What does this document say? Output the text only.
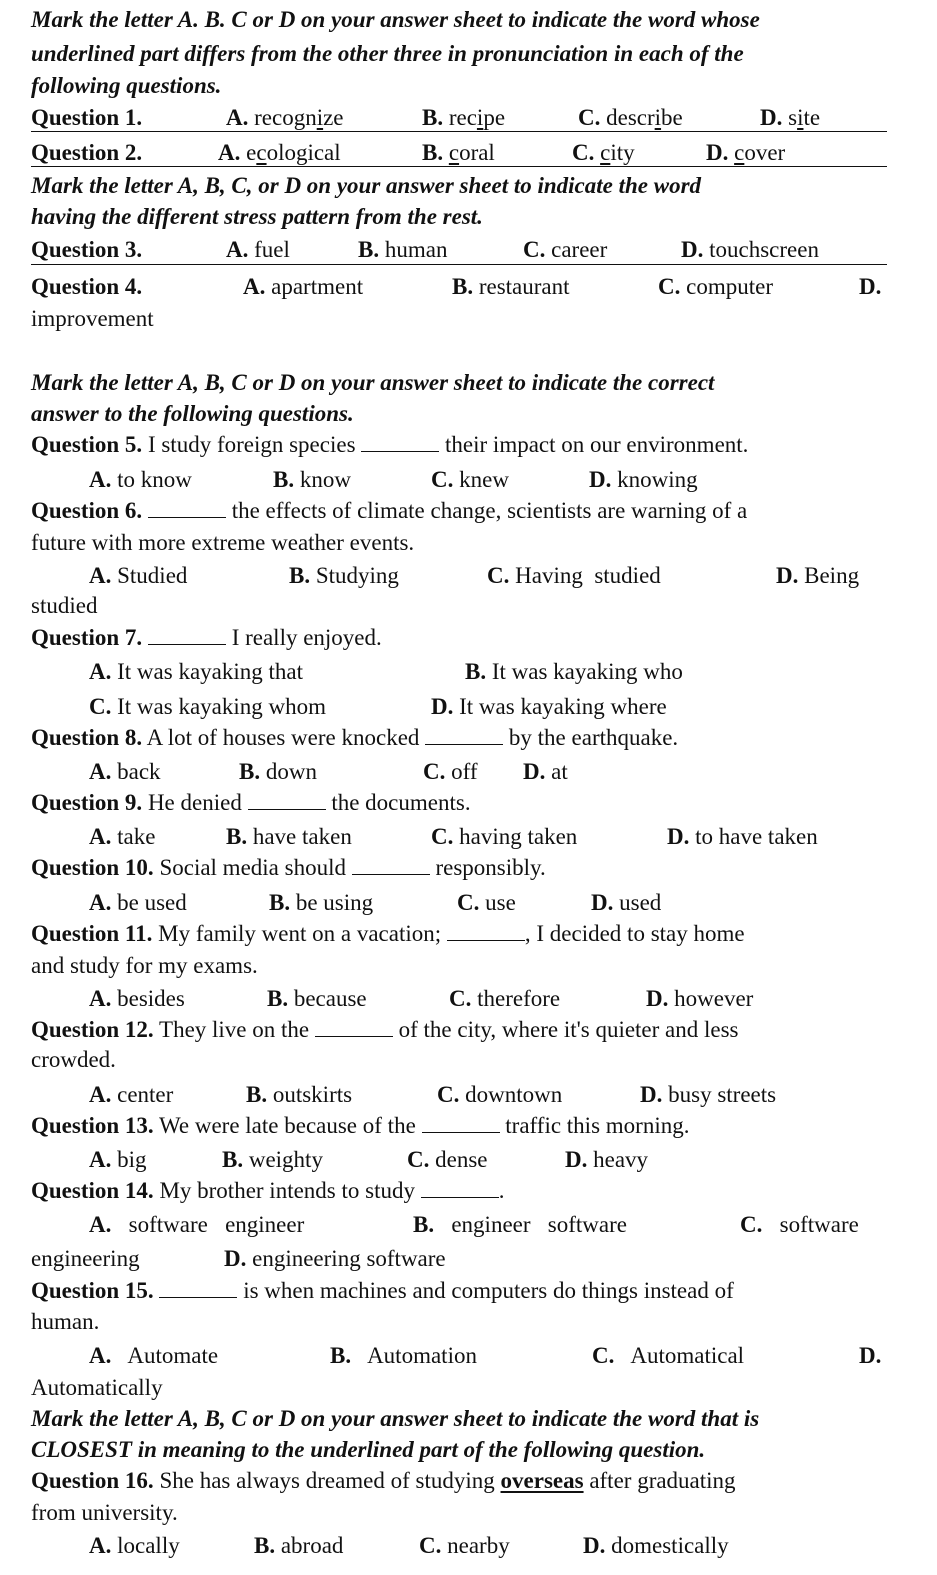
Mark the letter A. B. C or D on your answer sheet to indicate the word whose
underlined part differs from the other three in pronunciation in each of the
following questions.
Question 1.	A. recognize	B. recipe	C. describe	D. site
Question 2.	A. ecological	B. coral	C. city	D. cover
Mark the letter A, B, C, or D on your answer sheet to indicate the word
having the different stress pattern from the rest.
Question 3.	A. fuel	B. human	C. career	D. touchscreen
Question 4.	A. apartment	B. restaurant	C. computer	D.
improvement
Mark the letter A, B, C or D on your answer sheet to indicate the correct
answer to the following questions.
Question 5. I study foreign species	their impact on our environment.
A. to know	B. know	C. knew	D. knowing
Question 6.	the effects of climate change, scientists are warning of a
future with more extreme weather events.
A. Studied	B. Studying	C. Having  studied	D. Being
studied
Question 7.	I really enjoyed.
A. It was kayaking that	B. It was kayaking who
C. It was kayaking whom	D. It was kayaking where
Question 8. A lot of houses were knocked	by the earthquake.
A. back	B. down	C. off D. at
Question 9. He denied	the documents.
A. take	B. have taken	C. having taken	D. to have taken
Question 10. Social media should	responsibly.
A. be used	B. be using	C. use	D. used
Question 11. My family went on a vacation;	, I decided to stay home
and study for my exams.
A. besides	B. because	C. therefore	D. however
Question 12. They live on the	of the city, where it's quieter and less
crowded.
A. center	B. outskirts	C. downtown	D. busy streets
Question 13. We were late because of the	traffic this morning.
A. big	B. weighty	C. dense	D. heavy
Question 14. My brother intends to study	.
A.   software engineer	B.   engineer software	C.   software
engineering	D. engineering software
Question 15.	is when machines and computers do things instead of
human.
A.   Automate	B.   Automation	C.   Automatical	D.
Automatically
Mark the letter A, B, C or D on your answer sheet to indicate the word that is
CLOSEST in meaning to the underlined part of the following question.
Question 16. She has always dreamed of studying overseas after graduating
from university.
A. locally	B. abroad	C. nearby	D. domestically
